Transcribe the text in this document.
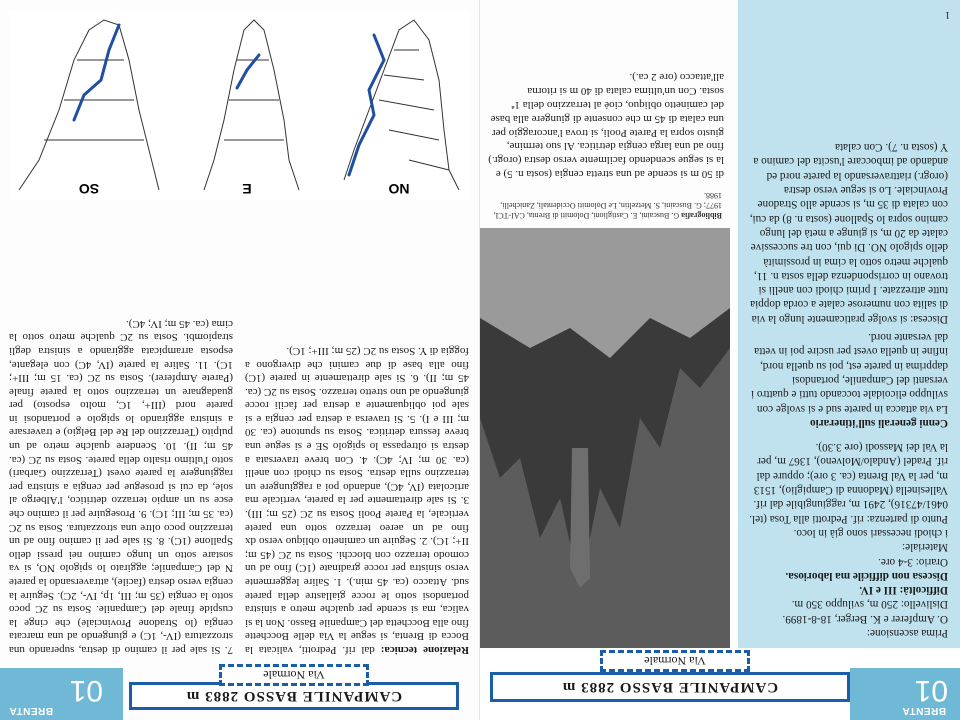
BRENTA
01
CAMPANILE BASSO 2883 m
Via Normale
Prima ascensione:
O. Ampferer e K. Berger, 18-8-1899.
Dislivello: 250 m, sviluppo 350 m.
Difficoltà: III e IV.
Discesa non difficile ma laboriosa.
Orario: 3-4 ore.
Materiale:
i chiodi necessari sono già in loco.
Punto di partenza: rif. Pedrotti alla Tosa (tel. 0461/47316), 2491 m, raggiungibile dal rif. Vallesinella (Madonna di Campiglio), 1513 m, per la Val Brenta (ca. 3 ore); oppure dal rif. Pradel (Andalo/Molveno), 1367 m, per la Val dei Massodi (ore 3.30).
Cenni generali sull'itinerario
La via attacca in parete sud e si svolge con sviluppo elicoidale toccando tutti e quattro i versanti del Campanile, portandosi dapprima in parete est, poi su quella nord, infine in quella ovest per uscire poi in vetta dal versante nord.
Discesa: si svolge praticamente lungo la via di salita con numerose calate a corda doppia tutte attrezzate. I primi chiodi con anelli si trovano in corrispondenza della sosta n. 11, qualche metro sotto la cima in prossimità dello spigolo NO. Di qui, con tre successive calate da 20 m, si giunge a metà del lungo camino sopra lo Spallone (sosta n. 8) da cui, con calata di 35 m, si scende allo Stradone Provinciale. Lo si segue verso destra (orogr.) riattraversando la parete nord ed andando ad imboccare l'uscita del camino a Y (sosta n. 7). Con calata
Bibliografia G. Buscaini, E. Castiglioni, Dolomiti di Brenta, CAI-TCI, 1977; G. Buscaini, S. Metzeltin, Le Dolomiti Occidentali, Zanichelli, 1988.
di 50 m si scende ad una stretta cengia (sosta n. 5) e la si segue scendendo facilmente verso destra (orogr.) fino ad una larga cengia detritica. Al suo termine, giusto sopra la Parete Pooli, si trova l'ancoraggio per una calata di 45 m che consente di giungere alla base del caminetto obliquo, cioè al terrazzino della 1ª sosta. Con un'ultima calata di 40 m si ritorna all'attacco (ore 2 ca.).
1
CAMPANILE BASSO 2883 m
Via Normale
BRENTA
01
Relazione tecnica: dal rif. Pedrotti, valicata la Bocca di Brenta, si segue la Via delle Bocchette fino alla Bocchetta del Campanile Basso. Non la si valica, ma si scende per qualche metro a sinistra portandosi sotto le rocce giallastre della parete sud. Attacco (ca. 45 min.). 1. Salire leggermente verso sinistra per rocce gradinate (1C) fino ad un comodo terrazzo con blocchi. Sosta su 2C (45 m; II+; 1C). 2. Seguire un caminetto obliquo verso dx fino ad un aereo terrazzo sotto una parete verticale, la Parete Pooli Sosta su 2C (25 m; III). 3. Si sale direttamente per la parete, verticale ma articolata (IV, 4C), andando poi a raggiungere un terrazzino sulla destra. Sosta su chiodi con anelli (ca. 30 m; IV; 4C). 4. Con breve traversata a destra si oltrepassa lo spigolo SE e si segue una breve fessura detritica. Sosta su spuntone (ca. 30 m; III e I). 5. Si traversa a destra per cengia e si sale poi obliquamente a destra per facili rocce giungendo ad uno stretto terrazzo. Sosta su 2C (ca. 45 m; II). 6. Si sale direttamente in parete (1C) fino alla base di due camini che divergono a foggia di Y. Sosta su 2C (25 m; III+; 1C).
7. Si sale per il camino di destra, superando una strozzatura (IV-, 1C) e giungendo ad una marcata cengia (lo Stradone Provinciale) che cinge la cuspide finale del Campanile. Sosta su 2C poco sotto la cengia (35 m; III, 1p, IV-, 2C). Seguire la cengia verso destra (facile), attraversando la parete N del Campanile; aggirato lo spigolo NO, si va sostare sotto un lungo camino nei pressi dello Spallone (1C). 8. Si sale per il camino fino ad un terrazzino poco oltre una strozzatura. Sosta su 2C (ca. 35 m; III; 1C). 9. Proseguire per il camino che esce su un ampio terrazzo detritico, l'Albergo al sole, da cui si prosegue per cengia a sinistra per raggiungere la parete ovest (Terrazzino Garbari) sotto l'ultimo risalto della parete. Sosta su 2C (ca. 45 m; II). 10. Scendere qualche metro ad un pulpito (Terrazzino del Re del Belgio) e traversare a sinistra aggirando lo spigolo e portandosi in parete nord (III+, 1C, molto esposto) per guadagnare un terrazzino sotto la parete finale (Parete Ampferer). Sosta su 2C (ca. 15 m; III+; 1C). 11. Salire la parete (IV, 4C) con elegante, esposta arrampicata aggirando a sinistra degli strapiombi. Sosta su 2C qualche metro sotto la cima (ca. 45 m; IV; 4C).
NO
E
SO
